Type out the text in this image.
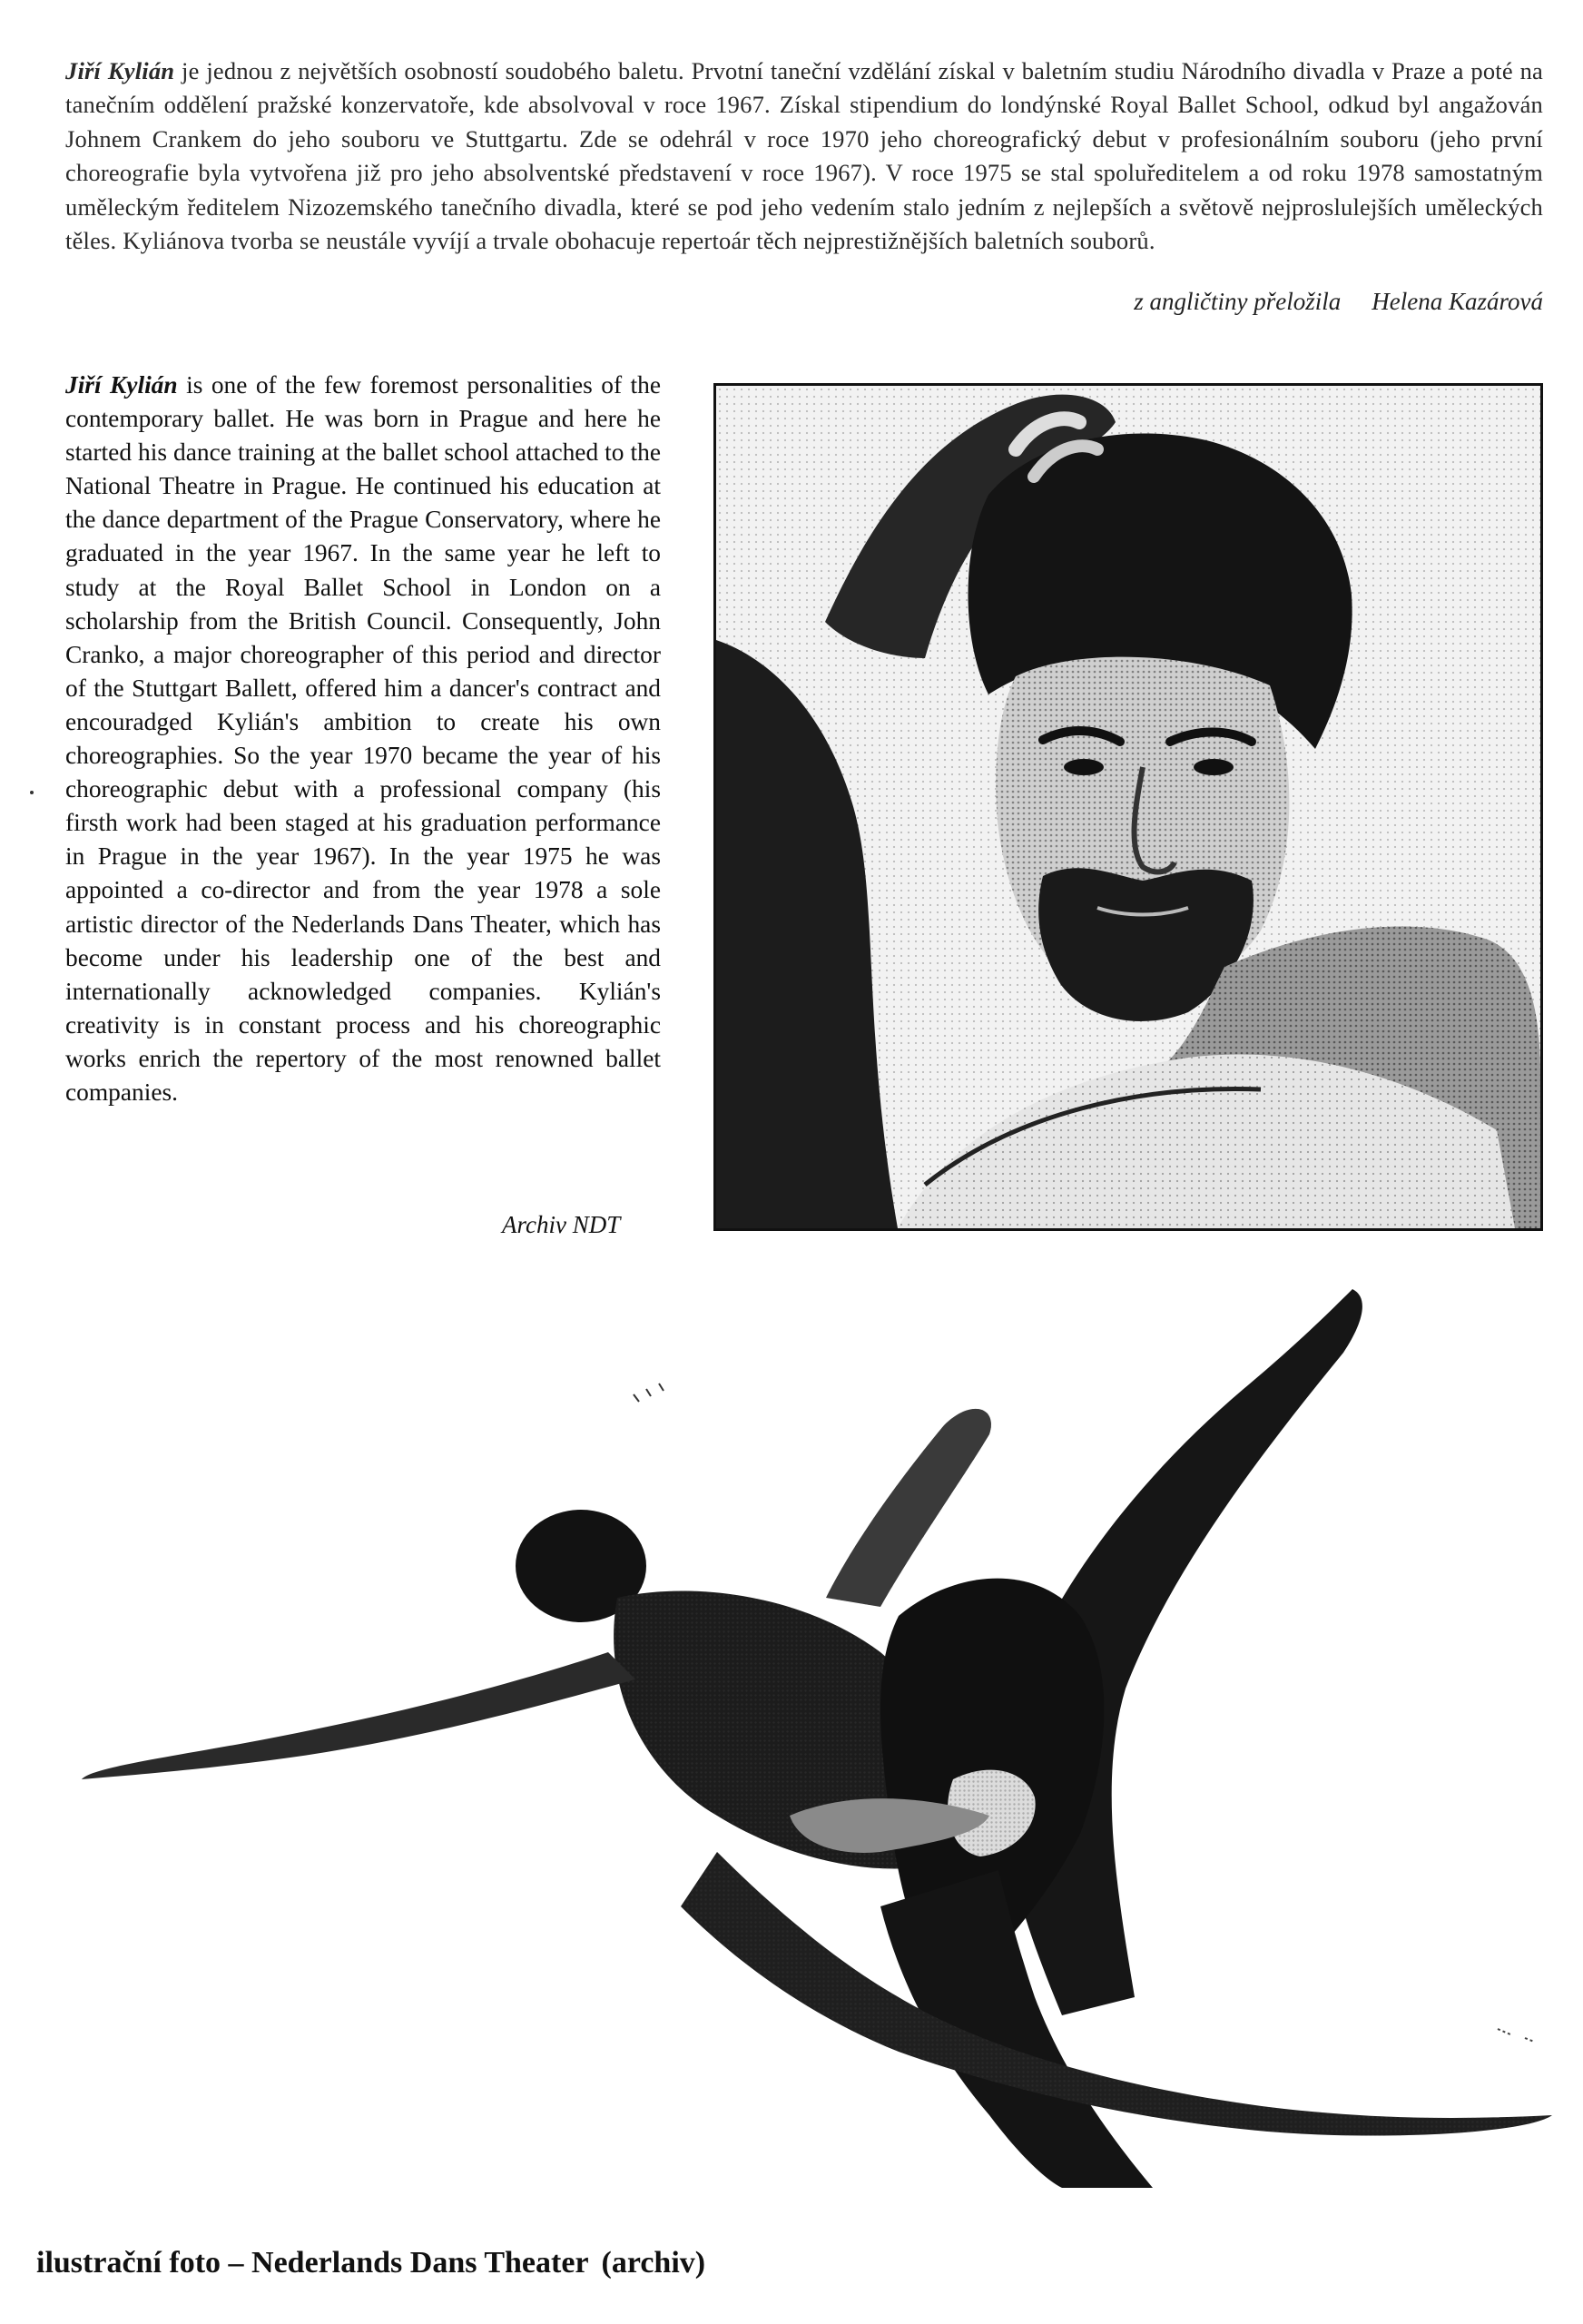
Jiří Kylián je jednou z největších osobností soudobého baletu. Prvotní taneční vzdělání získal v baletním studiu Národního divadla v Praze a poté na tanečním oddělení pražské konzervatoře, kde absolvoval v roce 1967. Získal stipendium do londýnské Royal Ballet School, odkud byl angažován Johnem Crankem do jeho souboru ve Stuttgartu. Zde se odehrál v roce 1970 jeho choreografický debut v profesionálním souboru (jeho první choreografie byla vytvořena již pro jeho absolventské představení v roce 1967). V roce 1975 se stal spoluředitelem a od roku 1978 samostatným uměleckým ředitelem Nizozemského tanečního divadla, které se pod jeho vedením stalo jedním z nejlepších a světově nejproslulejších uměleckých těles. Kyliánova tvorba se neustále vyvíjí a trvale obohacuje repertoár těch nejprestižnějších baletních souborů.
z angličtiny přeložila Helena Kazárová
Jiří Kylián is one of the few foremost personalities of the contemporary ballet. He was born in Prague and here he started his dance training at the ballet school attached to the National Theatre in Prague. He continued his education at the dance department of the Prague Conservatory, where he graduated in the year 1967. In the same year he left to study at the Royal Ballet School in London on a scholarship from the British Council. Consequently, John Cranko, a major choreographer of this period and director of the Stuttgart Ballett, offered him a dancer's contract and encouradged Kylián's ambition to create his own choreographies. So the year 1970 became the year of his choreographic debut with a professional company (his firsth work had been staged at his graduation performance in Prague in the year 1967). In the year 1975 he was appointed a co-director and from the year 1978 a sole artistic director of the Nederlands Dans Theater, which has become under his leadership one of the best and internationally acknowledged companies. Kylián's creativity is in constant process and his choreographic works enrich the repertory of the most renowned ballet companies.
Archiv NDT
ilustrační foto – Nederlands Dans Theater (archiv)
